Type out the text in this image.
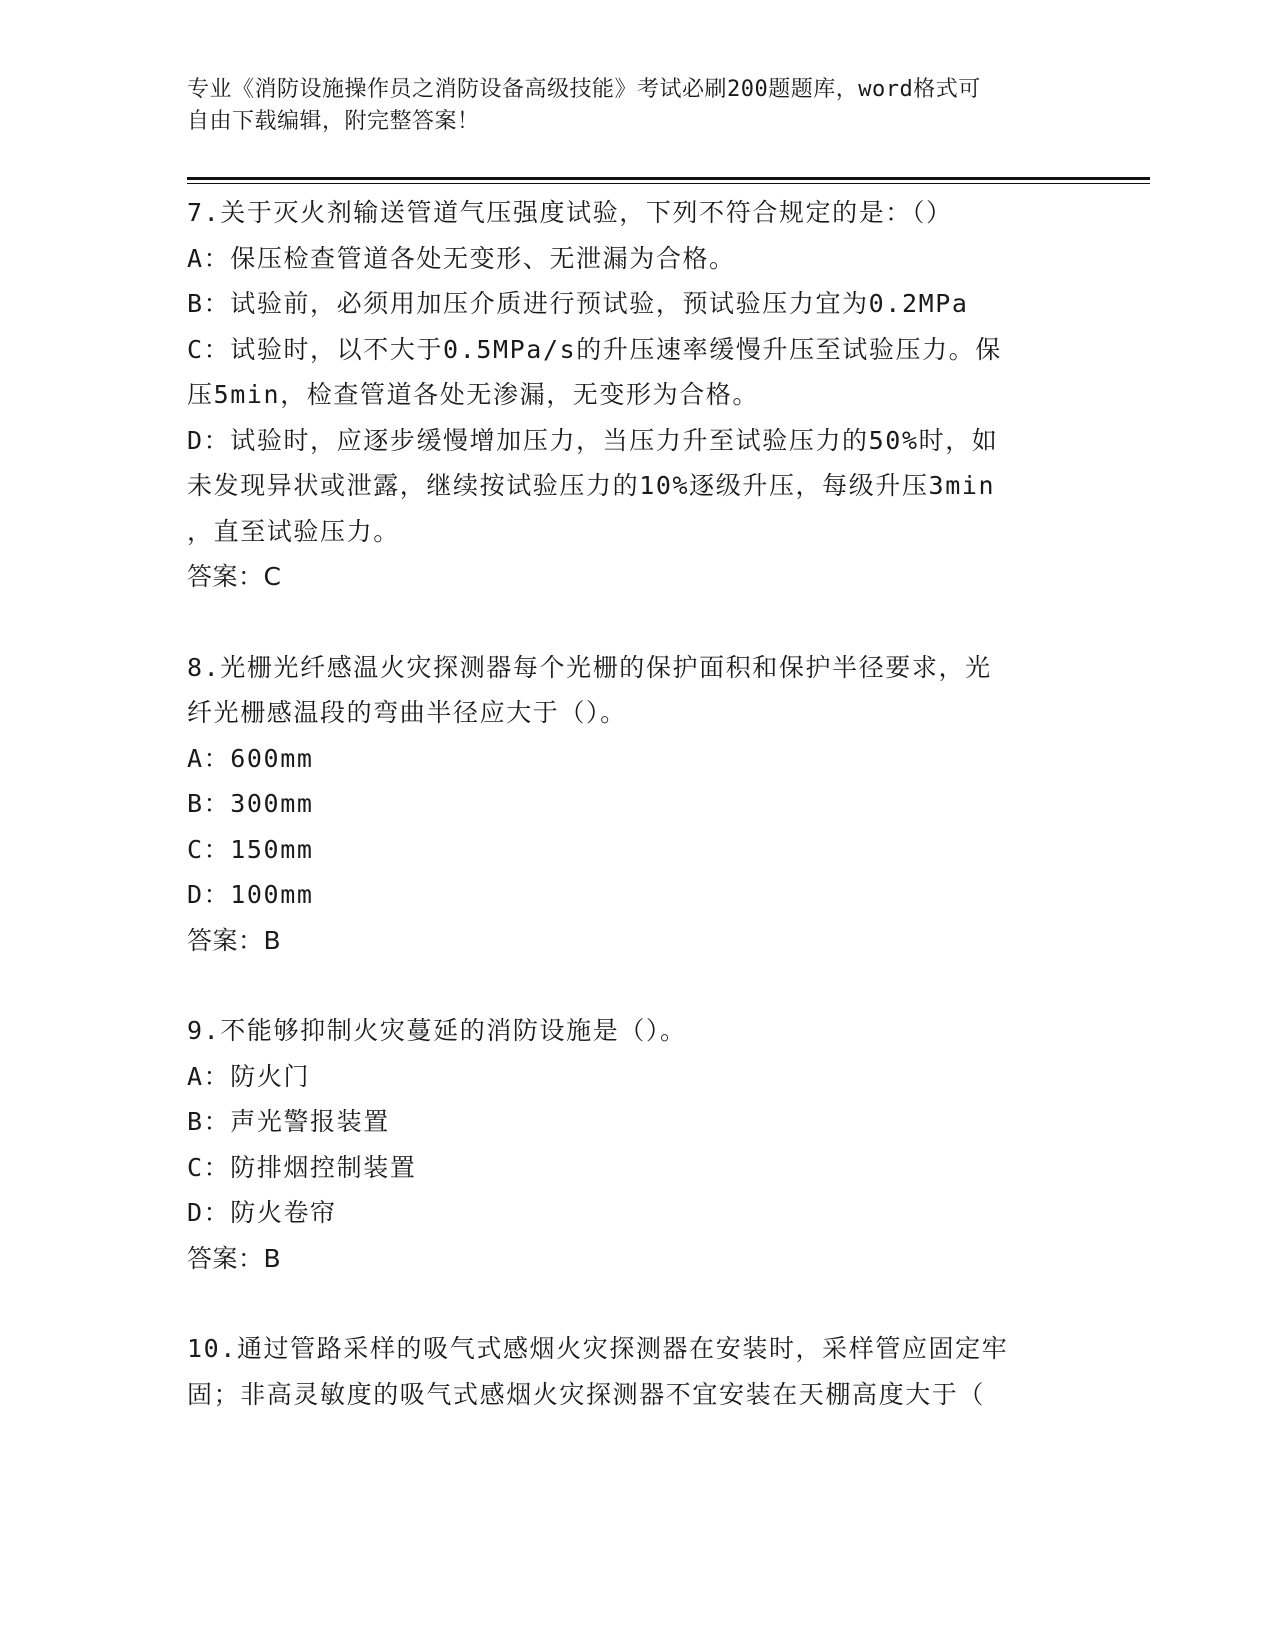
专业《消防设施操作员之消防设备高级技能》考试必刷200题题库，word格式可
自由下载编辑，附完整答案！

7.关于灭火剂输送管道气压强度试验，下列不符合规定的是：（）

A：保压检查管道各处无变形、无泄漏为合格。

B：试验前，必须用加压介质进行预试验，预试验压力宜为0.2MPa

C：试验时，以不大于0.5MPa/s的升压速率缓慢升压至试验压力。保

压5min，检查管道各处无渗漏，无变形为合格。

D：试验时，应逐步缓慢增加压力，当压力升至试验压力的50%时，如

未发现异状或泄露，继续按试验压力的10%逐级升压，每级升压3min

，直至试验压力。

答案：C

8.光栅光纤感温火灾探测器每个光栅的保护面积和保护半径要求，光

纤光栅感温段的弯曲半径应大于（）。

A：600mm

B：300mm

C：150mm

D：100mm

答案：B

9.不能够抑制火灾蔓延的消防设施是（）。

A：防火门

B：声光警报装置

C：防排烟控制装置

D：防火卷帘

答案：B

10.通过管路采样的吸气式感烟火灾探测器在安装时，采样管应固定牢

固；非高灵敏度的吸气式感烟火灾探测器不宜安装在天棚高度大于（
